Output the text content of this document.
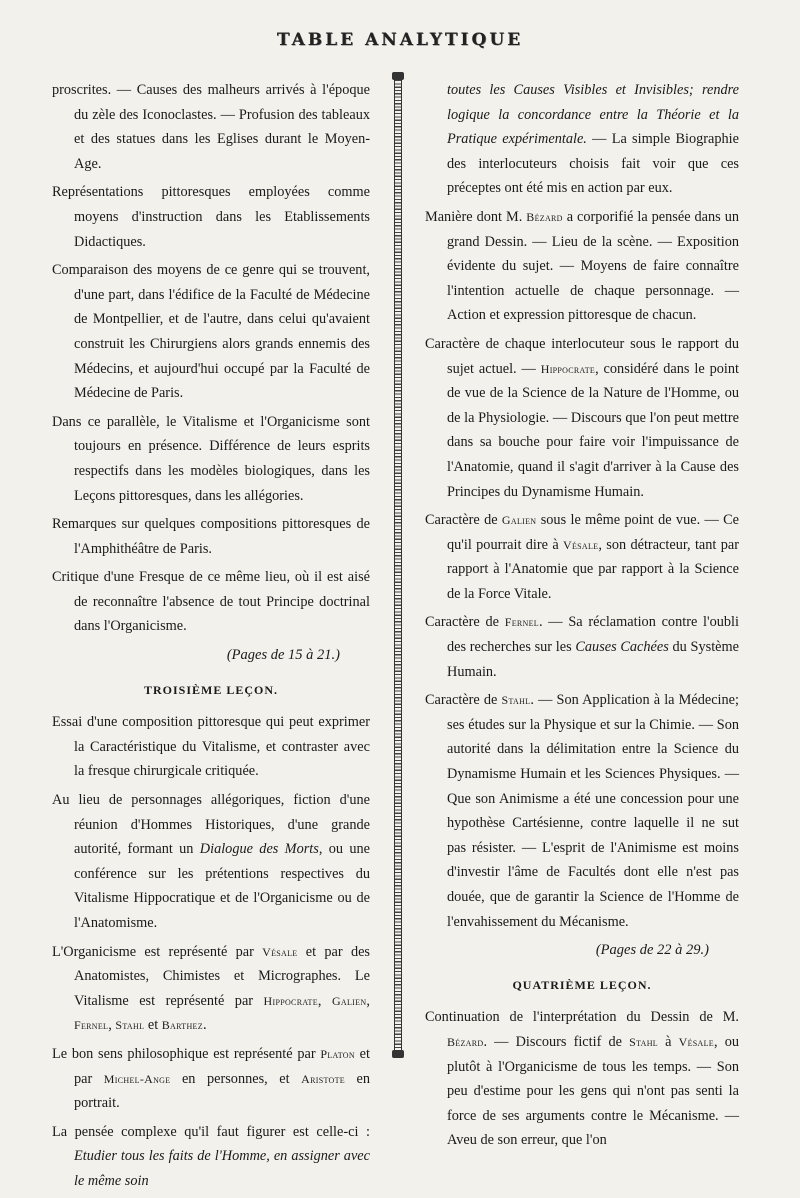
TABLE ANALYTIQUE

proscrites. — Causes des malheurs arrivés à l'époque du zèle des Iconoclastes. — Profusion des tableaux et des statues dans les Eglises durant le Moyen-Age.

Représentations pittoresques employées comme moyens d'instruction dans les Etablissements Didactiques.

Comparaison des moyens de ce genre qui se trouvent, d'une part, dans l'édifice de la Faculté de Médecine de Montpellier, et de l'autre, dans celui qu'avaient construit les Chirurgiens alors grands ennemis des Médecins, et aujourd'hui occupé par la Faculté de Médecine de Paris.

Dans ce parallèle, le Vitalisme et l'Organicisme sont toujours en présence. Différence de leurs esprits respectifs dans les modèles biologiques, dans les Leçons pittoresques, dans les allégories.

Remarques sur quelques compositions pittoresques de l'Amphithéâtre de Paris.

Critique d'une Fresque de ce même lieu, où il est aisé de reconnaître l'absence de tout Principe doctrinal dans l'Organicisme.

(Pages de 15 à 21.)
TROISIÈME LEÇON.

Essai d'une composition pittoresque qui peut exprimer la Caractéristique du Vitalisme, et contraster avec la fresque chirurgicale critiquée.

Au lieu de personnages allégoriques, fiction d'une réunion d'Hommes Historiques, d'une grande autorité, formant un Dialogue des Morts, ou une conférence sur les prétentions respectives du Vitalisme Hippocratique et de l'Organicisme ou de l'Anatomisme.

L'Organicisme est représenté par Vésale et par des Anatomistes, Chimistes et Micrographes. Le Vitalisme est représenté par Hippocrate, Galien, Fernel, Stahl et Barthez.

Le bon sens philosophique est représenté par Platon et par Michel-Ange en personnes, et Aristote en portrait.

La pensée complexe qu'il faut figurer est celle-ci : Etudier tous les faits de l'Homme, en assigner avec le même soin

toutes les Causes Visibles et Invisibles; rendre logique la concordance entre la Théorie et la Pratique expérimentale. — La simple Biographie des interlocuteurs choisis fait voir que ces préceptes ont été mis en action par eux.

Manière dont M. Bézard a corporifié la pensée dans un grand Dessin. — Lieu de la scène. — Exposition évidente du sujet. — Moyens de faire connaître l'intention actuelle de chaque personnage. — Action et expression pittoresque de chacun.

Caractère de chaque interlocuteur sous le rapport du sujet actuel. — Hippocrate, considéré dans le point de vue de la Science de la Nature de l'Homme, ou de la Physiologie. — Discours que l'on peut mettre dans sa bouche pour faire voir l'impuissance de l'Anatomie, quand il s'agit d'arriver à la Cause des Principes du Dynamisme Humain.

Caractère de Galien sous le même point de vue. — Ce qu'il pourrait dire à Vésale, son détracteur, tant par rapport à l'Anatomie que par rapport à la Science de la Force Vitale.

Caractère de Fernel. — Sa réclamation contre l'oubli des recherches sur les Causes Cachées du Système Humain.

Caractère de Stahl. — Son Application à la Médecine; ses études sur la Physique et sur la Chimie. — Son autorité dans la délimitation entre la Science du Dynamisme Humain et les Sciences Physiques. — Que son Animisme a été une concession pour une hypothèse Cartésienne, contre laquelle il ne sut pas résister. — L'esprit de l'Animisme est moins d'investir l'âme de Facultés dont elle n'est pas douée, que de garantir la Science de l'Homme de l'envahissement du Mécanisme.

(Pages de 22 à 29.)
QUATRIÈME LEÇON.

Continuation de l'interprétation du Dessin de M. Bézard. — Discours fictif de Stahl à Vésale, ou plutôt à l'Organicisme de tous les temps. — Son peu d'estime pour les gens qui n'ont pas senti la force de ses arguments contre le Mécanisme. — Aveu de son erreur, que l'on
